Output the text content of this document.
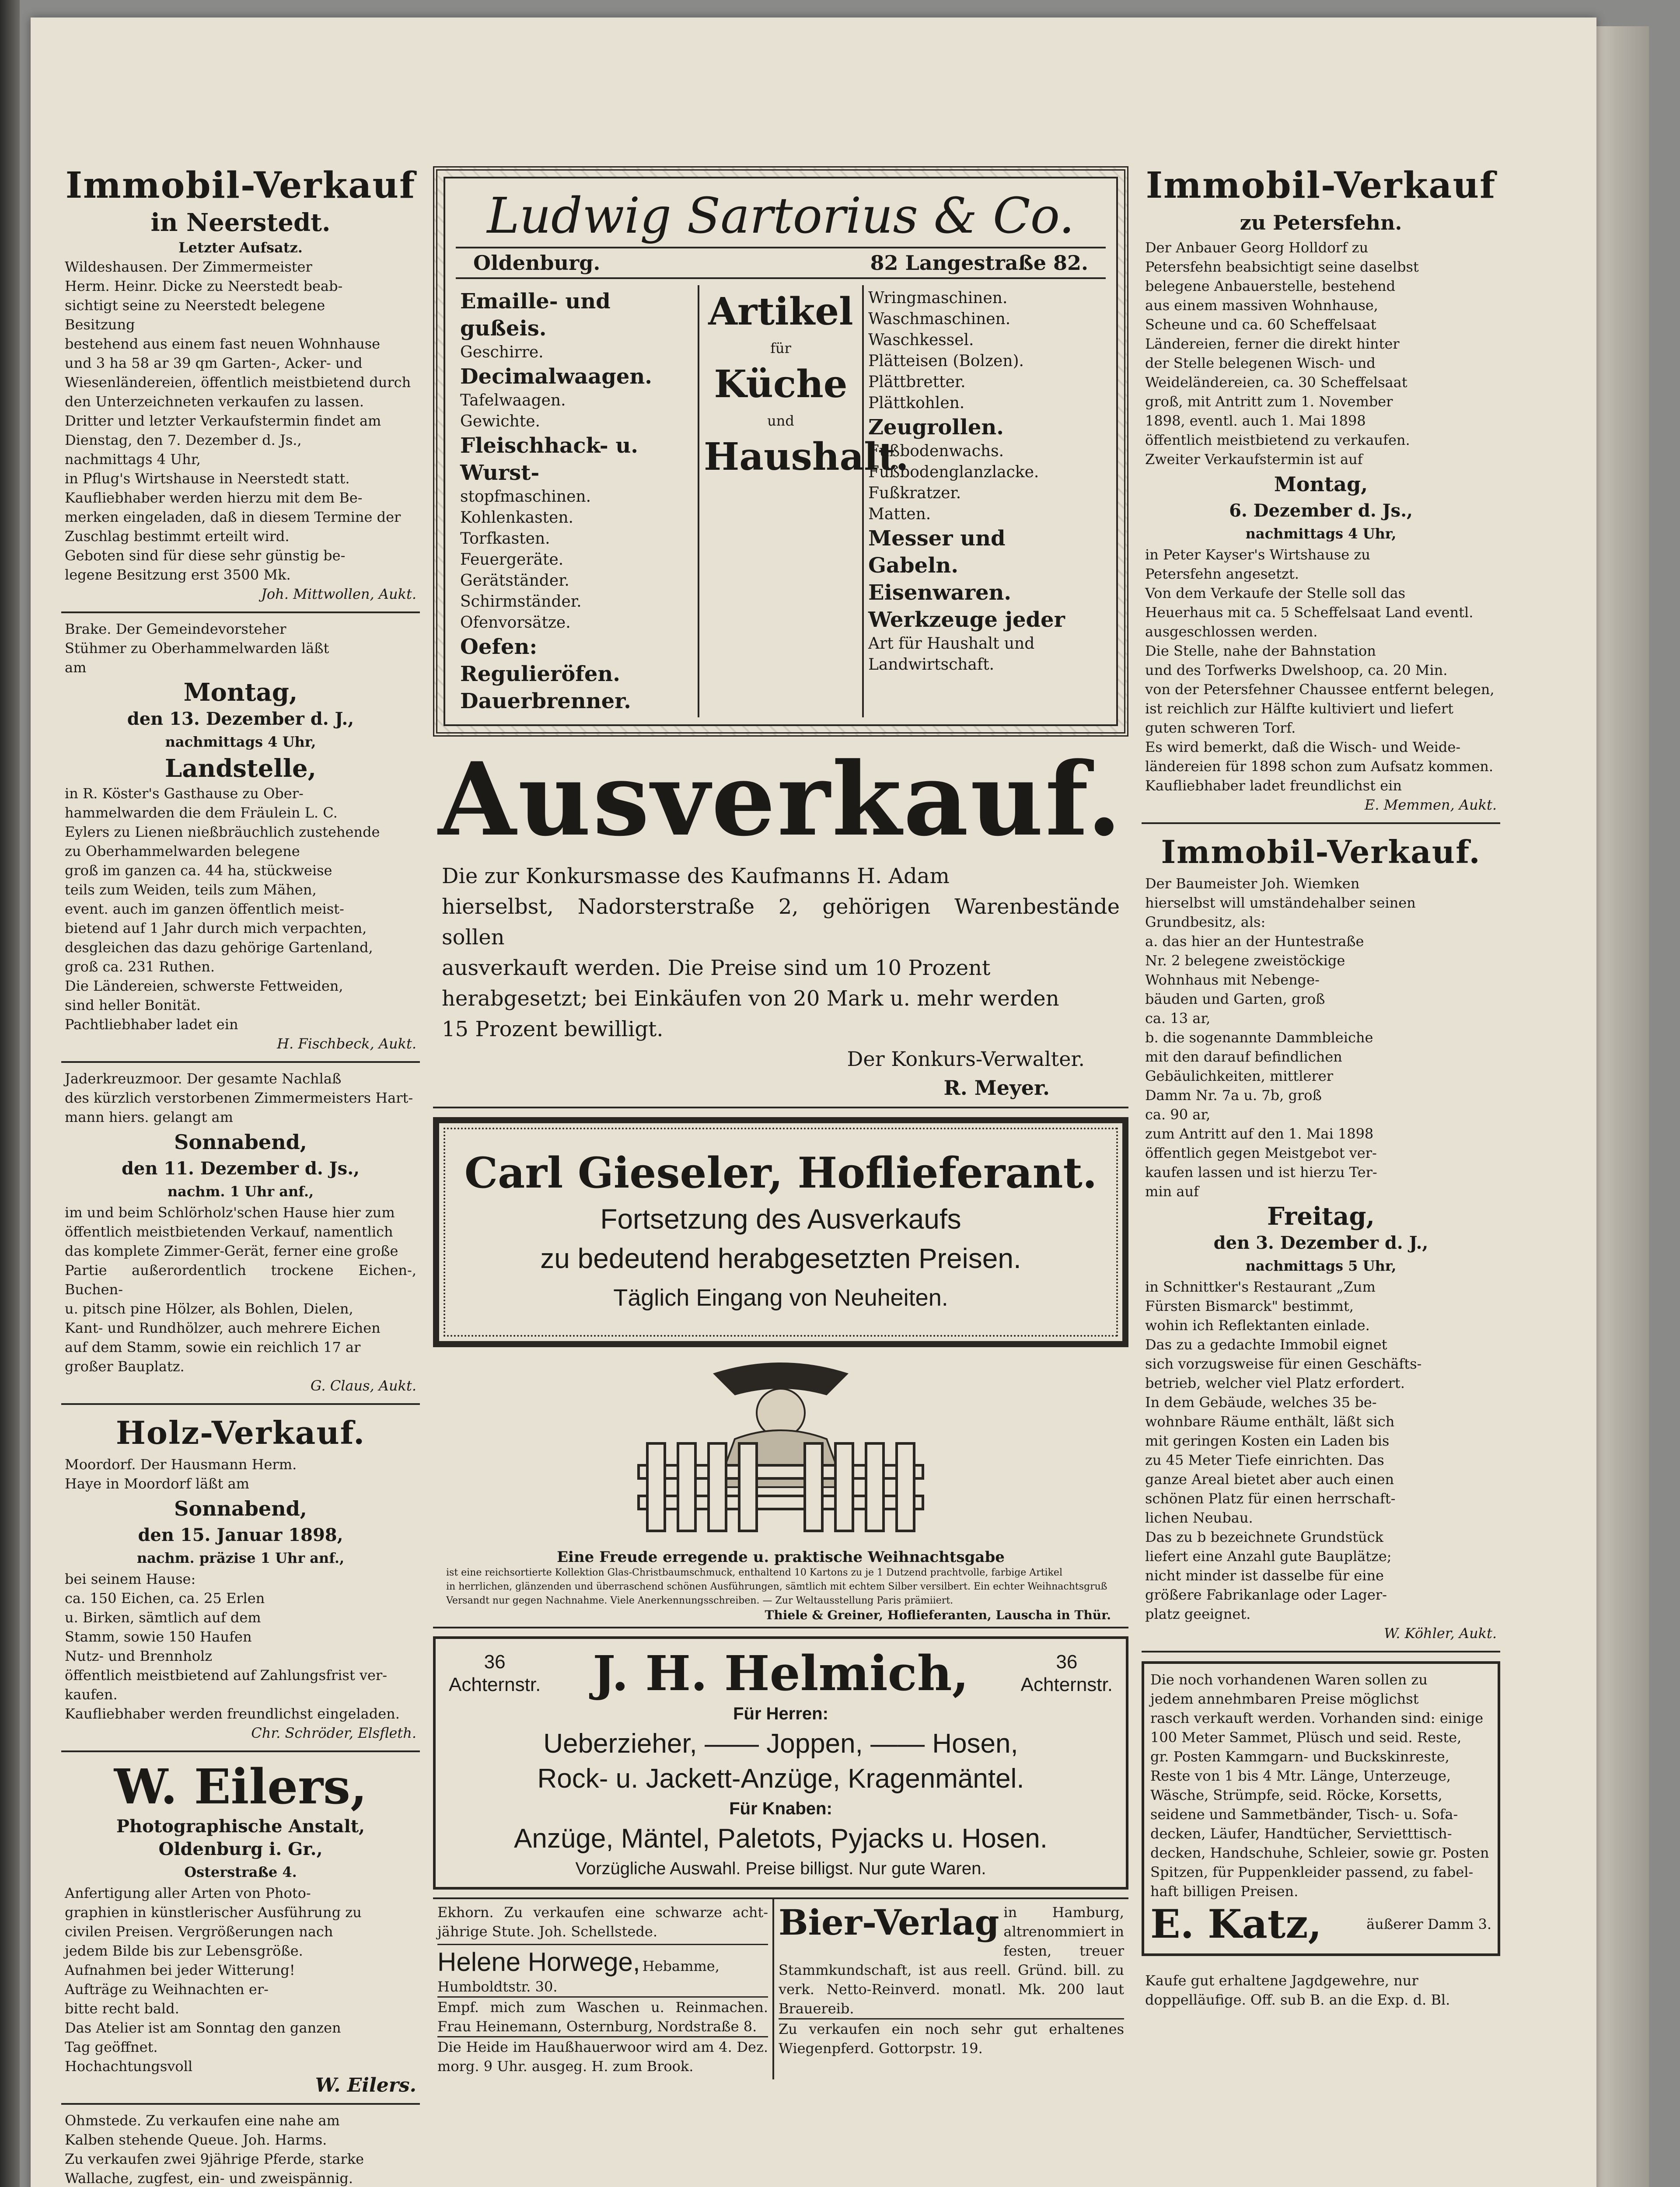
Immobil-Verkauf
in Neerstedt.
Letzter Aufsatz.
Wildeshausen. Der Zimmermeister
Herm. Heinr. Dicke zu Neerstedt beab-
sichtigt seine zu Neerstedt belegene
Besitzung
bestehend aus einem fast neuen Wohnhause
und 3 ha 58 ar 39 qm Garten-, Acker- und
Wiesenländereien, öffentlich meistbietend durch
den Unterzeichneten verkaufen zu lassen.
Dritter und letzter Verkaufstermin findet am
Dienstag, den 7. Dezember d. Js.,
nachmittags 4 Uhr,
in Pflug's Wirtshause in Neerstedt statt.
Kaufliebhaber werden hierzu mit dem Be-
merken eingeladen, daß in diesem Termine der
Zuschlag bestimmt erteilt wird.
Geboten sind für diese sehr günstig be-
legene Besitzung erst 3500 Mk.
Joh. Mittwollen, Aukt.
Brake. Der Gemeindevorsteher
Stühmer zu Oberhammelwarden läßt
am
Montag,
den 13. Dezember d. J.,
nachmittags 4 Uhr,
Landstelle,
in R. Köster's Gasthause zu Ober-
hammelwarden die dem Fräulein L. C.
Eylers zu Lienen nießbräuchlich zustehende
zu Oberhammelwarden belegene
groß im ganzen ca. 44 ha, stückweise
teils zum Weiden, teils zum Mähen,
event. auch im ganzen öffentlich meist-
bietend auf 1 Jahr durch mich verpachten,
desgleichen das dazu gehörige Gartenland,
groß ca. 231 Ruthen.
Die Ländereien, schwerste Fettweiden,
sind heller Bonität.
Pachtliebhaber ladet ein
H. Fischbeck, Aukt.
Jaderkreuzmoor. Der gesamte Nachlaß
des kürzlich verstorbenen Zimmermeisters Hart-
mann hiers. gelangt am
Sonnabend,
den 11. Dezember d. Js.,
nachm. 1 Uhr anf.,
im und beim Schlörholz'schen Hause hier zum
öffentlich meistbietenden Verkauf, namentlich
das komplete Zimmer-Gerät, ferner eine große
Partie außerordentlich trockene Eichen-, Buchen-
u. pitsch pine Hölzer, als Bohlen, Dielen,
Kant- und Rundhölzer, auch mehrere Eichen
auf dem Stamm, sowie ein reichlich 17 ar
großer Bauplatz.
G. Claus, Aukt.
Holz-Verkauf.
Moordorf. Der Hausmann Herm.
Haye in Moordorf läßt am
Sonnabend,
den 15. Januar 1898,
nachm. präzise 1 Uhr anf.,
bei seinem Hause:
ca. 150 Eichen, ca. 25 Erlen
u. Birken, sämtlich auf dem
Stamm, sowie 150 Haufen
Nutz- und Brennholz
öffentlich meistbietend auf Zahlungsfrist ver-
kaufen.
Kaufliebhaber werden freundlichst eingeladen.
Chr. Schröder, Elsfleth.
W. Eilers,
Photographische Anstalt,
Oldenburg i. Gr.,
Osterstraße 4.
Anfertigung aller Arten von Photo-
graphien in künstlerischer Ausführung zu
civilen Preisen. Vergrößerungen nach
jedem Bilde bis zur Lebensgröße.
Aufnahmen bei jeder Witterung!
Aufträge zu Weihnachten er-
bitte recht bald.
Das Atelier ist am Sonntag den ganzen
Tag geöffnet.
Hochachtungsvoll
W. Eilers.
Ohmstede. Zu verkaufen eine nahe am
Kalben stehende Queue. Joh. Harms.
Zu verkaufen zwei 9jährige Pferde, starke
Wallache, zugfest, ein- und zweispännig.
Ludwig Sartorius & Co.
Oldenburg.	82 Langestraße 82.
Emaille- und gußeis.
Geschirre.
Decimalwaagen.
Tafelwaagen.
Gewichte.
Fleischhack- u. Wurst-
stopfmaschinen.
Kohlenkasten.
Torfkasten.
Feuergeräte.
Gerätständer.
Schirmständer.
Ofenvorsätze.
Oefen: Regulieröfen. Dauerbrenner.
Artikel
für
Küche
und
Haushalt.
Wringmaschinen.
Waschmaschinen.
Waschkessel.
Plätteisen (Bolzen).
Plättbretter.
Plättkohlen.
Zeugrollen.
Fußbodenwachs.
Fußbodenglanzlacke.
Fußkratzer.
Matten.
Messer und Gabeln.
Eisenwaren.
Werkzeuge jeder
Art für Haushalt und
Landwirtschaft.
Ausverkauf.
Die zur Konkursmasse des Kaufmanns H. Adam
hierselbst, Nadorsterstraße 2, gehörigen Warenbestände sollen
ausverkauft werden. Die Preise sind um 10 Prozent
herabgesetzt; bei Einkäufen von 20 Mark u. mehr werden
15 Prozent bewilligt.
Der Konkurs-Verwalter.
R. Meyer.
Carl Gieseler, Hoflieferant.
Fortsetzung des Ausverkaufs
zu bedeutend herabgesetzten Preisen.
Täglich Eingang von Neuheiten.
Eine Freude erregende u. praktische Weihnachtsgabe
ist eine reichsortierte Kollektion Glas-Christbaumschmuck, enthaltend 10 Kartons zu je 1 Dutzend prachtvolle, farbige Artikel
in herrlichen, glänzenden und überraschend schönen Ausführungen, sämtlich mit echtem Silber versilbert. Ein echter Weihnachtsgruß
Versandt nur gegen Nachnahme. Viele Anerkennungsschreiben. — Zur Weltausstellung Paris prämiiert.
Thiele & Greiner, Hoflieferanten, Lauscha in Thür.
36
Achternstr. J. H. Helmich,	36
Achternstr.
Für Herren:
Ueberzieher, —— Joppen, —— Hosen,
Rock- u. Jackett-Anzüge, Kragenmäntel.
Für Knaben:
Anzüge, Mäntel, Paletots, Pyjacks u. Hosen.
Vorzügliche Auswahl. Preise billigst. Nur gute Waren.
Ekhorn. Zu verkaufen eine schwarze acht-jährige Stute. Joh. Schellstede.
Helene Horwege, Hebamme, Humboldtstr. 30.
Empf. mich zum Waschen u. Reinmachen. Frau Heinemann, Osternburg, Nordstraße 8.
Die Heide im Haußhauerwoor wird am 4. Dez. morg. 9 Uhr. ausgeg. H. zum Brook.
Bier-Verlag in Hamburg, altrenommiert in festen, treuer Stammkundschaft, ist aus reell. Gründ. bill. zu verk. Netto-Reinverd. monatl. Mk. 200 laut Brauereib.
Zu verkaufen ein noch sehr gut erhaltenes Wiegenpferd. Gottorpstr. 19.
Immobil-Verkauf
zu Petersfehn.
Der Anbauer Georg Holldorf zu
Petersfehn beabsichtigt seine daselbst
belegene Anbauerstelle, bestehend
aus einem massiven Wohnhause,
Scheune und ca. 60 Scheffelsaat
Ländereien, ferner die direkt hinter
der Stelle belegenen Wisch- und
Weideländereien, ca. 30 Scheffelsaat
groß, mit Antritt zum 1. November
1898, eventl. auch 1. Mai 1898
öffentlich meistbietend zu verkaufen.
Zweiter Verkaufstermin ist auf
Montag,
6. Dezember d. Js.,
nachmittags 4 Uhr,
in Peter Kayser's Wirtshause zu
Petersfehn angesetzt.
Von dem Verkaufe der Stelle soll das
Heuerhaus mit ca. 5 Scheffelsaat Land eventl.
ausgeschlossen werden.
Die Stelle, nahe der Bahnstation
und des Torfwerks Dwelshoop, ca. 20 Min.
von der Petersfehner Chaussee entfernt belegen,
ist reichlich zur Hälfte kultiviert und liefert
guten schweren Torf.
Es wird bemerkt, daß die Wisch- und Weide-
ländereien für 1898 schon zum Aufsatz kommen.
Kaufliebhaber ladet freundlichst ein
E. Memmen, Aukt.
Immobil-Verkauf.
Der Baumeister Joh. Wiemken
hierselbst will umständehalber seinen
Grundbesitz, als:
a. das hier an der Huntestraße
Nr. 2 belegene zweistöckige
Wohnhaus mit Nebenge-
bäuden und Garten, groß
ca. 13 ar,
b. die sogenannte Dammbleiche
mit den darauf befindlichen
Gebäulichkeiten, mittlerer
Damm Nr. 7a u. 7b, groß
ca. 90 ar,
zum Antritt auf den 1. Mai 1898
öffentlich gegen Meistgebot ver-
kaufen lassen und ist hierzu Ter-
min auf
Freitag,
den 3. Dezember d. J.,
nachmittags 5 Uhr,
in Schnittker's Restaurant „Zum
Fürsten Bismarck" bestimmt,
wohin ich Reflektanten einlade.
Das zu a gedachte Immobil eignet
sich vorzugsweise für einen Geschäfts-
betrieb, welcher viel Platz erfordert.
In dem Gebäude, welches 35 be-
wohnbare Räume enthält, läßt sich
mit geringen Kosten ein Laden bis
zu 45 Meter Tiefe einrichten. Das
ganze Areal bietet aber auch einen
schönen Platz für einen herrschaft-
lichen Neubau.
Das zu b bezeichnete Grundstück
liefert eine Anzahl gute Bauplätze;
nicht minder ist dasselbe für eine
größere Fabrikanlage oder Lager-
platz geeignet.
W. Köhler, Aukt.
Die noch vorhandenen Waren sollen zu
jedem annehmbaren Preise möglichst
rasch verkauft werden. Vorhanden sind: einige
100 Meter Sammet, Plüsch und seid. Reste,
gr. Posten Kammgarn- und Buckskinreste,
Reste von 1 bis 4 Mtr. Länge, Unterzeuge,
Wäsche, Strümpfe, seid. Röcke, Korsetts,
seidene und Sammetbänder, Tisch- u. Sofa-
decken, Läufer, Handtücher, Servietttisch-
decken, Handschuhe, Schleier, sowie gr. Posten
Spitzen, für Puppenkleider passend, zu fabel-
haft billigen Preisen.
E. Katz,	äußerer Damm 3.
Kaufe gut erhaltene Jagdgewehre, nur
doppelläufige. Off. sub B. an die Exp. d. Bl.
